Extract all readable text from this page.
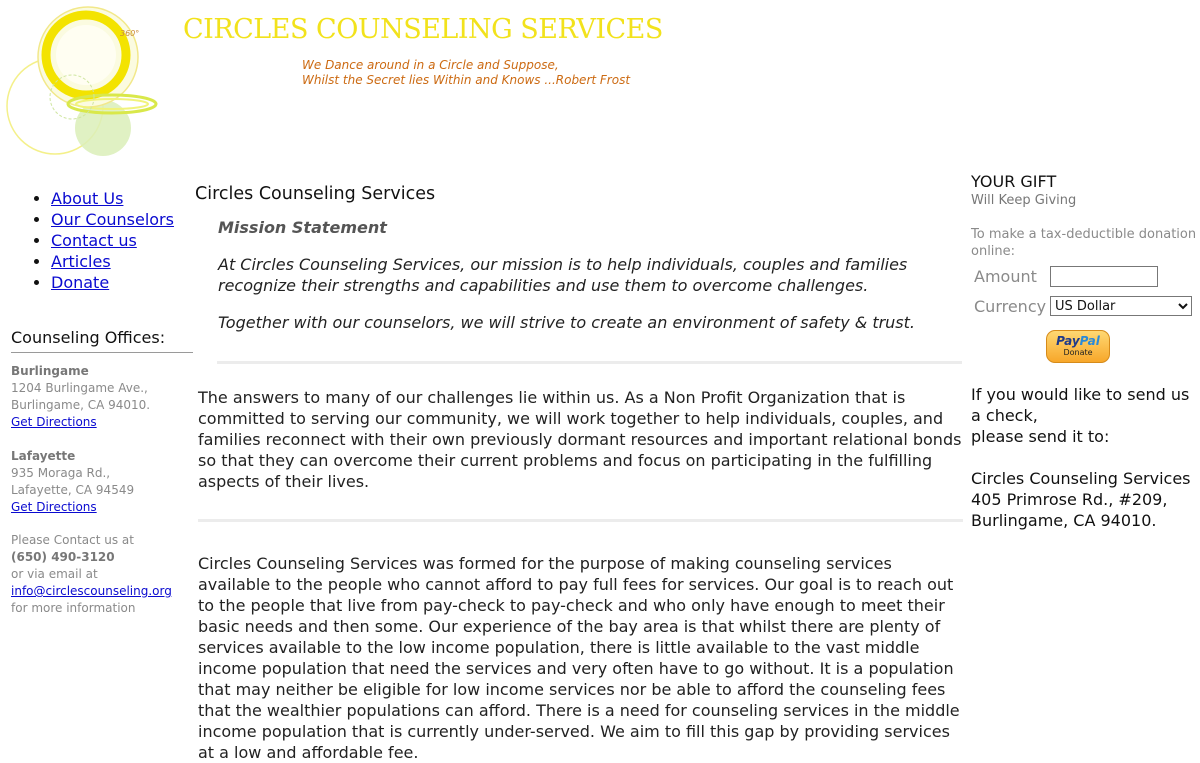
360° CIRCLES COUNSELING SERVICES
We Dance around in a Circle and Suppose,
Whilst the Secret lies Within and Knows ...Robert Frost
• About Us
• Our Counselors
• Contact us
• Articles
• Donate
Counseling Offices:
Burlingame
1204 Burlingame Ave.,
Burlingame, CA 94010.
Get Directions
Lafayette
935 Moraga Rd.,
Lafayette, CA 94549
Get Directions
Please Contact us at
(650) 490-3120
or via email at
info@circlescounseling.org
for more information
Circles Counseling Services

Mission Statement

At Circles Counseling Services, our mission is to help individuals, couples and families recognize their strengths and capabilities and use them to overcome challenges.

Together with our counselors, we will strive to create an environment of safety & trust.

The answers to many of our challenges lie within us. As a Non Profit Organization that is committed to serving our community, we will work together to help individuals, couples, and families reconnect with their own previously dormant resources and important relational bonds so that they can overcome their current problems and focus on participating in the fulfilling aspects of their lives.

Circles Counseling Services was formed for the purpose of making counseling services available to the people who cannot afford to pay full fees for services. Our goal is to reach out to the people that live from pay-check to pay-check and who only have enough to meet their basic needs and then some. Our experience of the bay area is that whilst there are plenty of services available to the low income population, there is little available to the vast middle income population that need the services and very often have to go without. It is a population that may neither be eligible for low income services nor be able to afford the counseling fees that the wealthier populations can afford. There is a need for counseling services in the middle income population that is currently under-served. We aim to fill this gap by providing services at a low and affordable fee.

YOUR GIFT
Will Keep Giving
To make a tax-deductible donation online:
Amount
Currency
US Dollar
PayPal
Donate
If you would like to send us a check,
please send it to:
Circles Counseling Services
405 Primrose Rd., #209,
Burlingame, CA 94010.
